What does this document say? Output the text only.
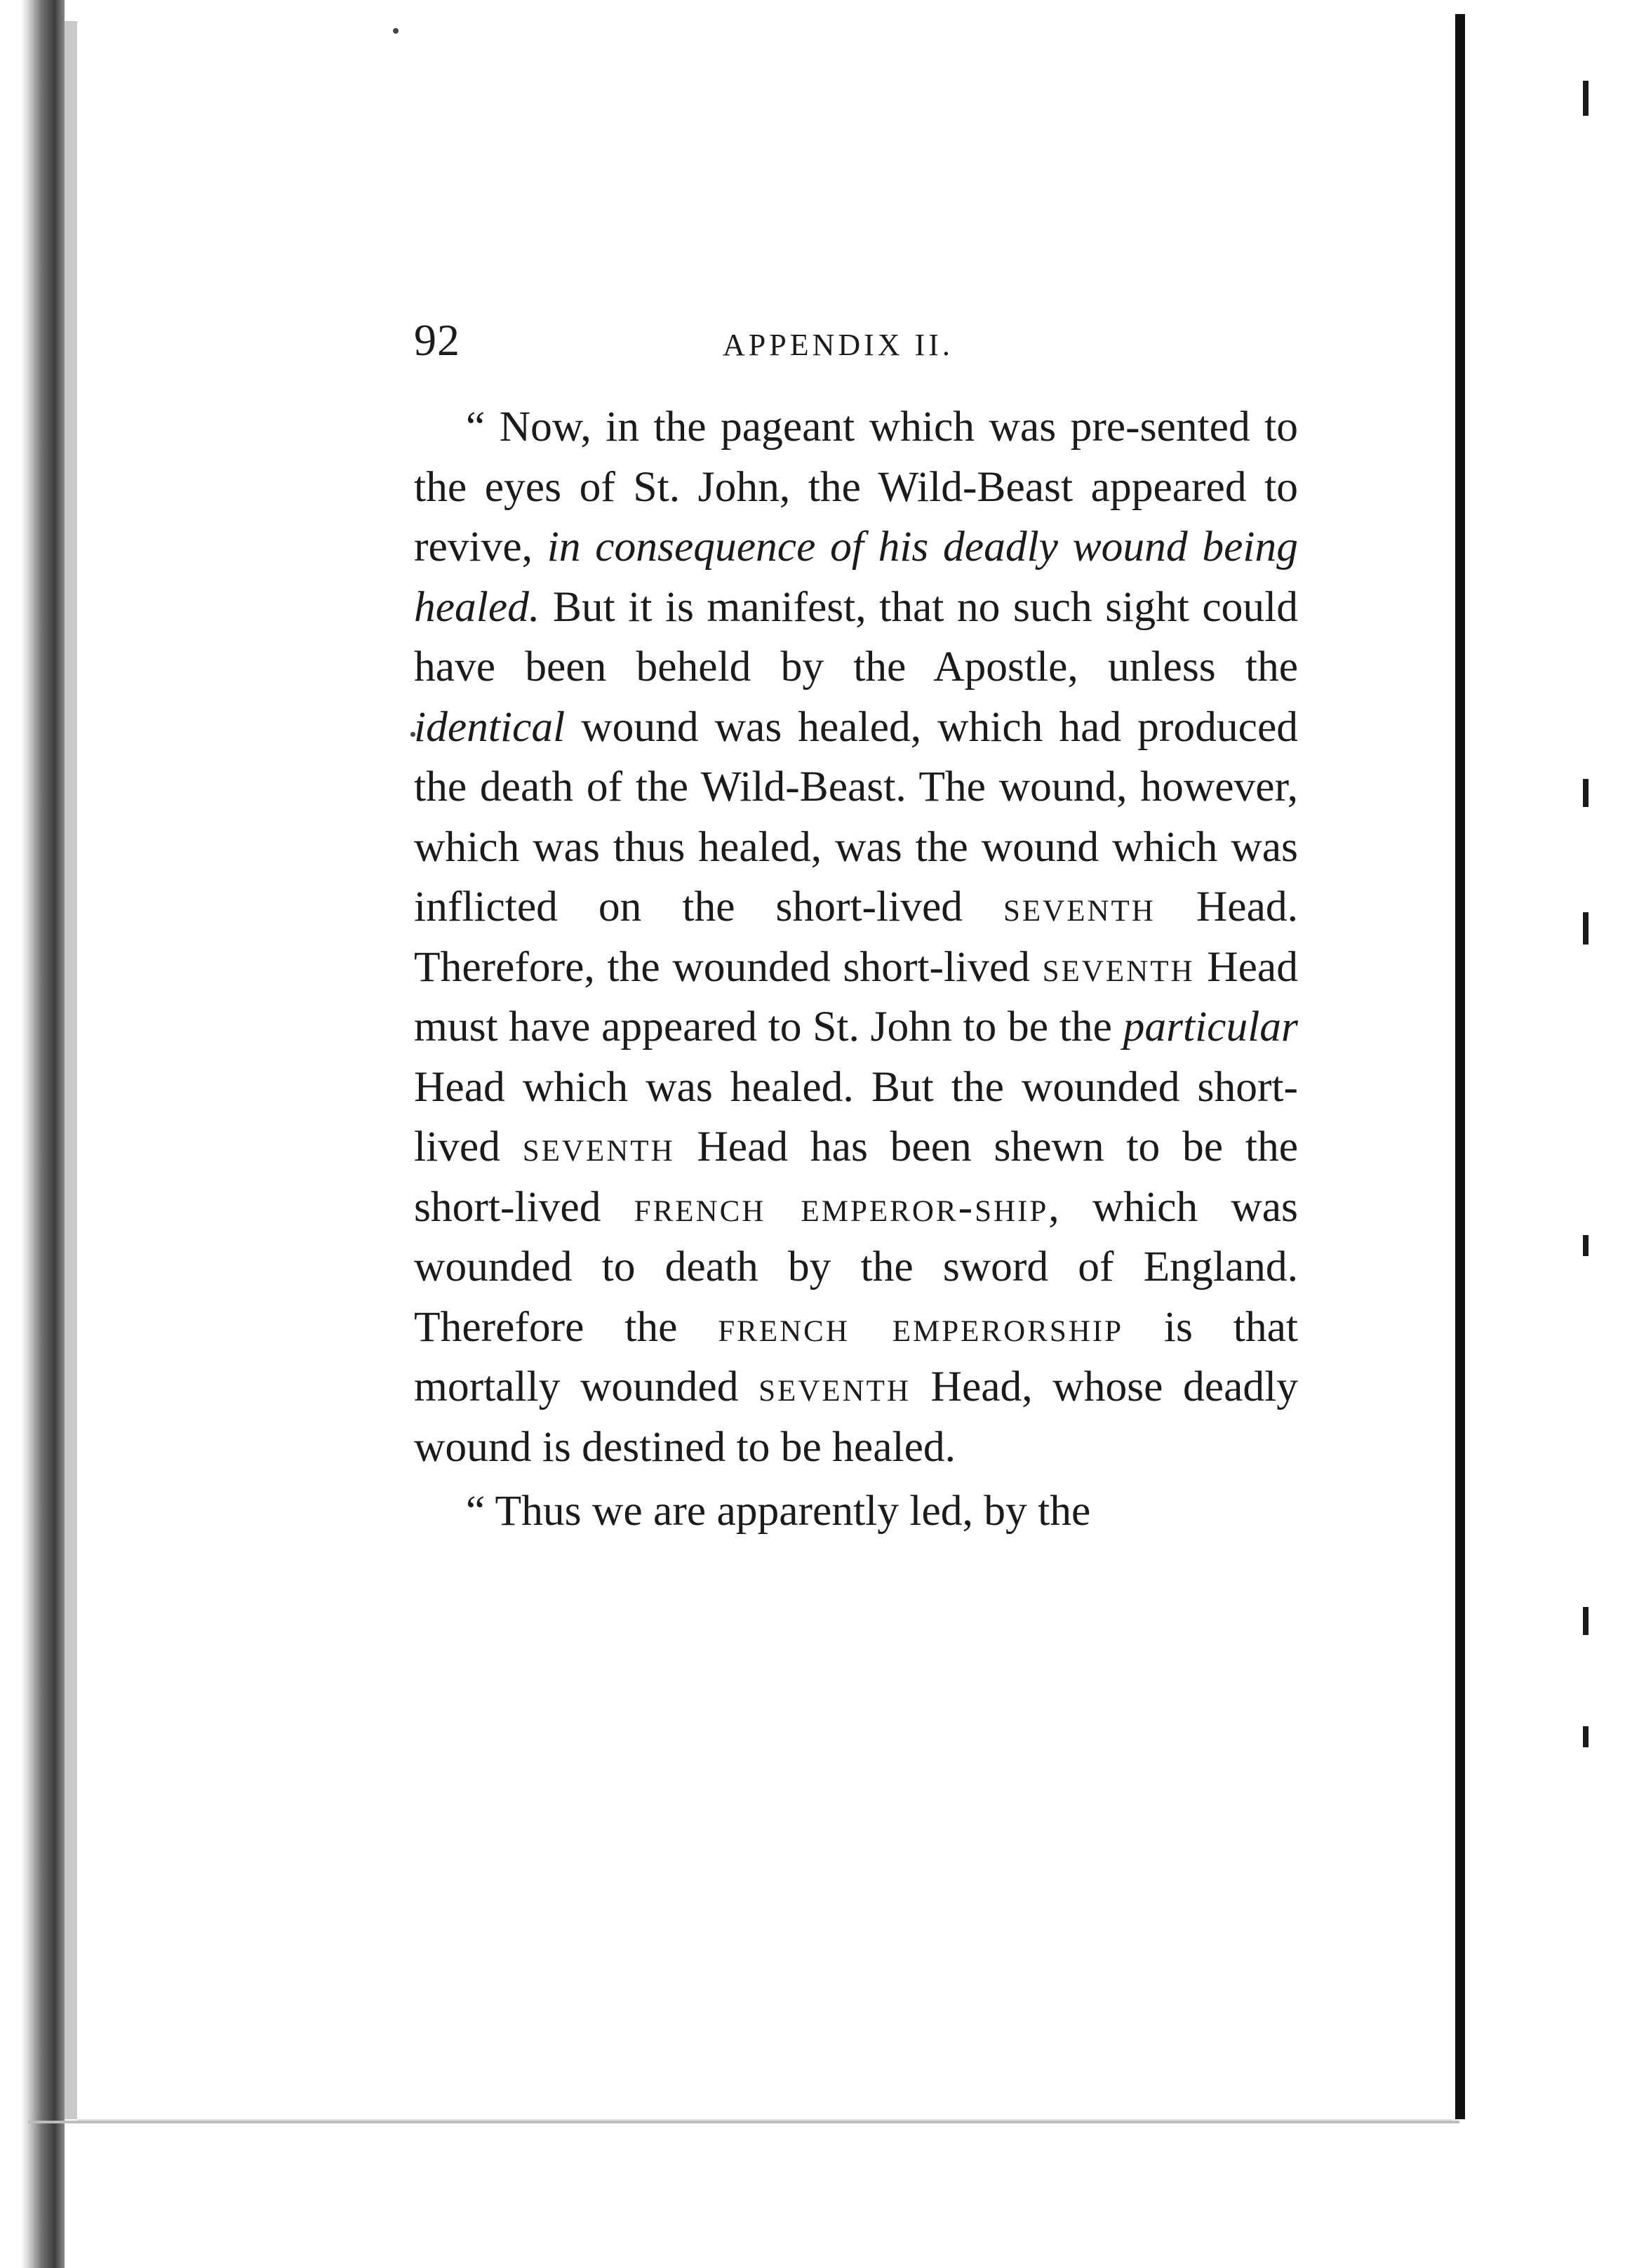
92	APPENDIX II.

“ Now, in the pageant which was pre-sented to the eyes of St. John, the Wild-Beast appeared to revive, in consequence of his deadly wound being healed. But it is manifest, that no such sight could have been beheld by the Apostle, unless the identical wound was healed, which had produced the death of the Wild-Beast. The wound, however, which was thus healed, was the wound which was inflicted on the short-lived seventh Head. Therefore, the wounded short-lived seventh Head must have appeared to St. John to be the particular Head which was healed. But the wounded short-lived seventh Head has been shewn to be the short-lived french emperor-ship, which was wounded to death by the sword of England. Therefore the french emperorship is that mortally wounded seventh Head, whose deadly wound is destined to be healed.

“ Thus we are apparently led, by the
